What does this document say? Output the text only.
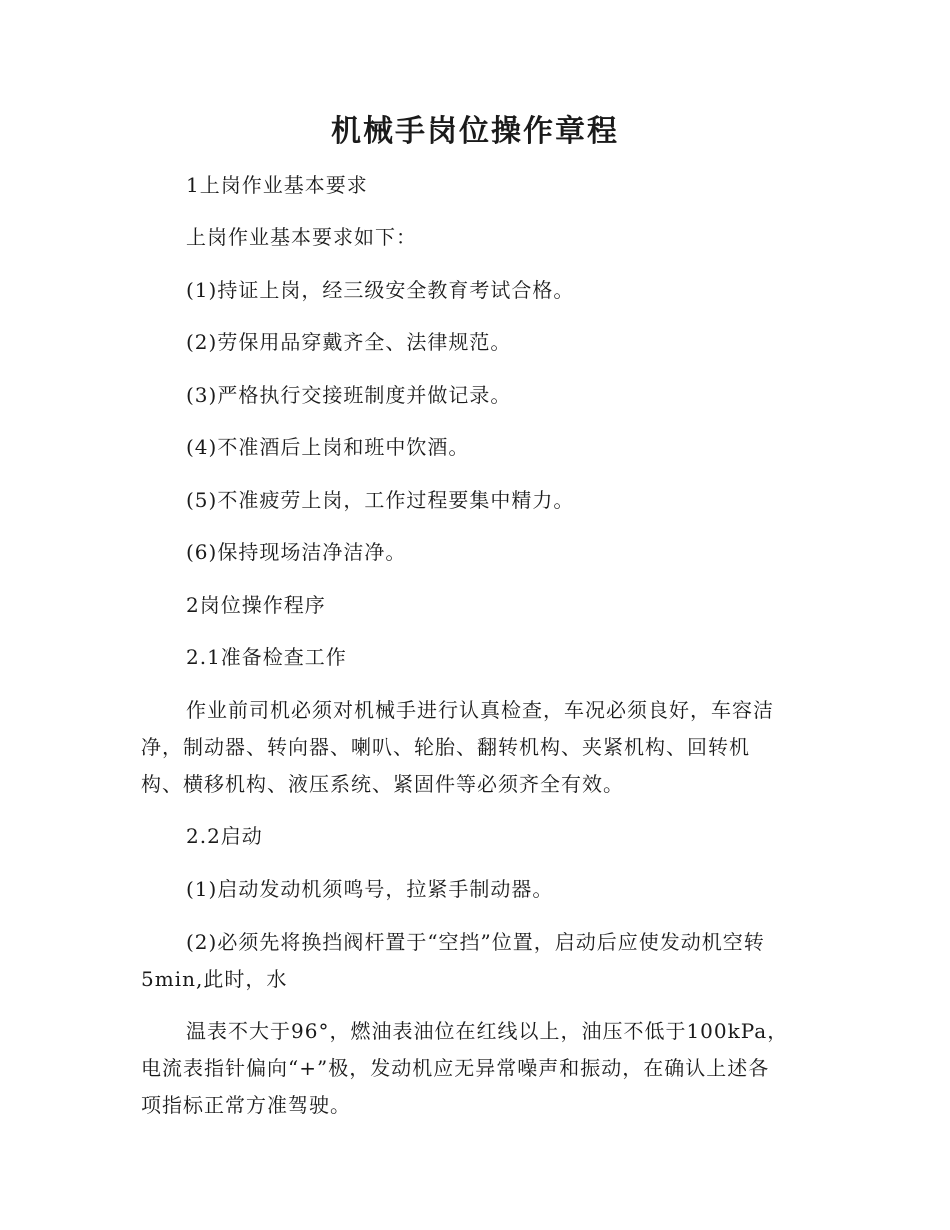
机械手岗位操作章程
1上岗作业基本要求
上岗作业基本要求如下：
(1)持证上岗，经三级安全教育考试合格。
(2)劳保用品穿戴齐全、法律规范。
(3)严格执行交接班制度并做记录。
(4)不准酒后上岗和班中饮酒。
(5)不准疲劳上岗，工作过程要集中精力。
(6)保持现场洁净洁净。
2岗位操作程序
2.1准备检查工作
作业前司机必须对机械手进行认真检查，车况必须良好，车容洁
净，制动器、转向器、喇叭、轮胎、翻转机构、夹紧机构、回转机
构、横移机构、液压系统、紧固件等必须齐全有效。
2.2启动
(1)启动发动机须鸣号，拉紧手制动器。
(2)必须先将换挡阀杆置于“空挡”位置，启动后应使发动机空转
5min,此时，水
温表不大于96°，燃油表油位在红线以上，油压不低于100kPa，
电流表指针偏向“+”极，发动机应无异常噪声和振动，在确认上述各
项指标正常方准驾驶。
